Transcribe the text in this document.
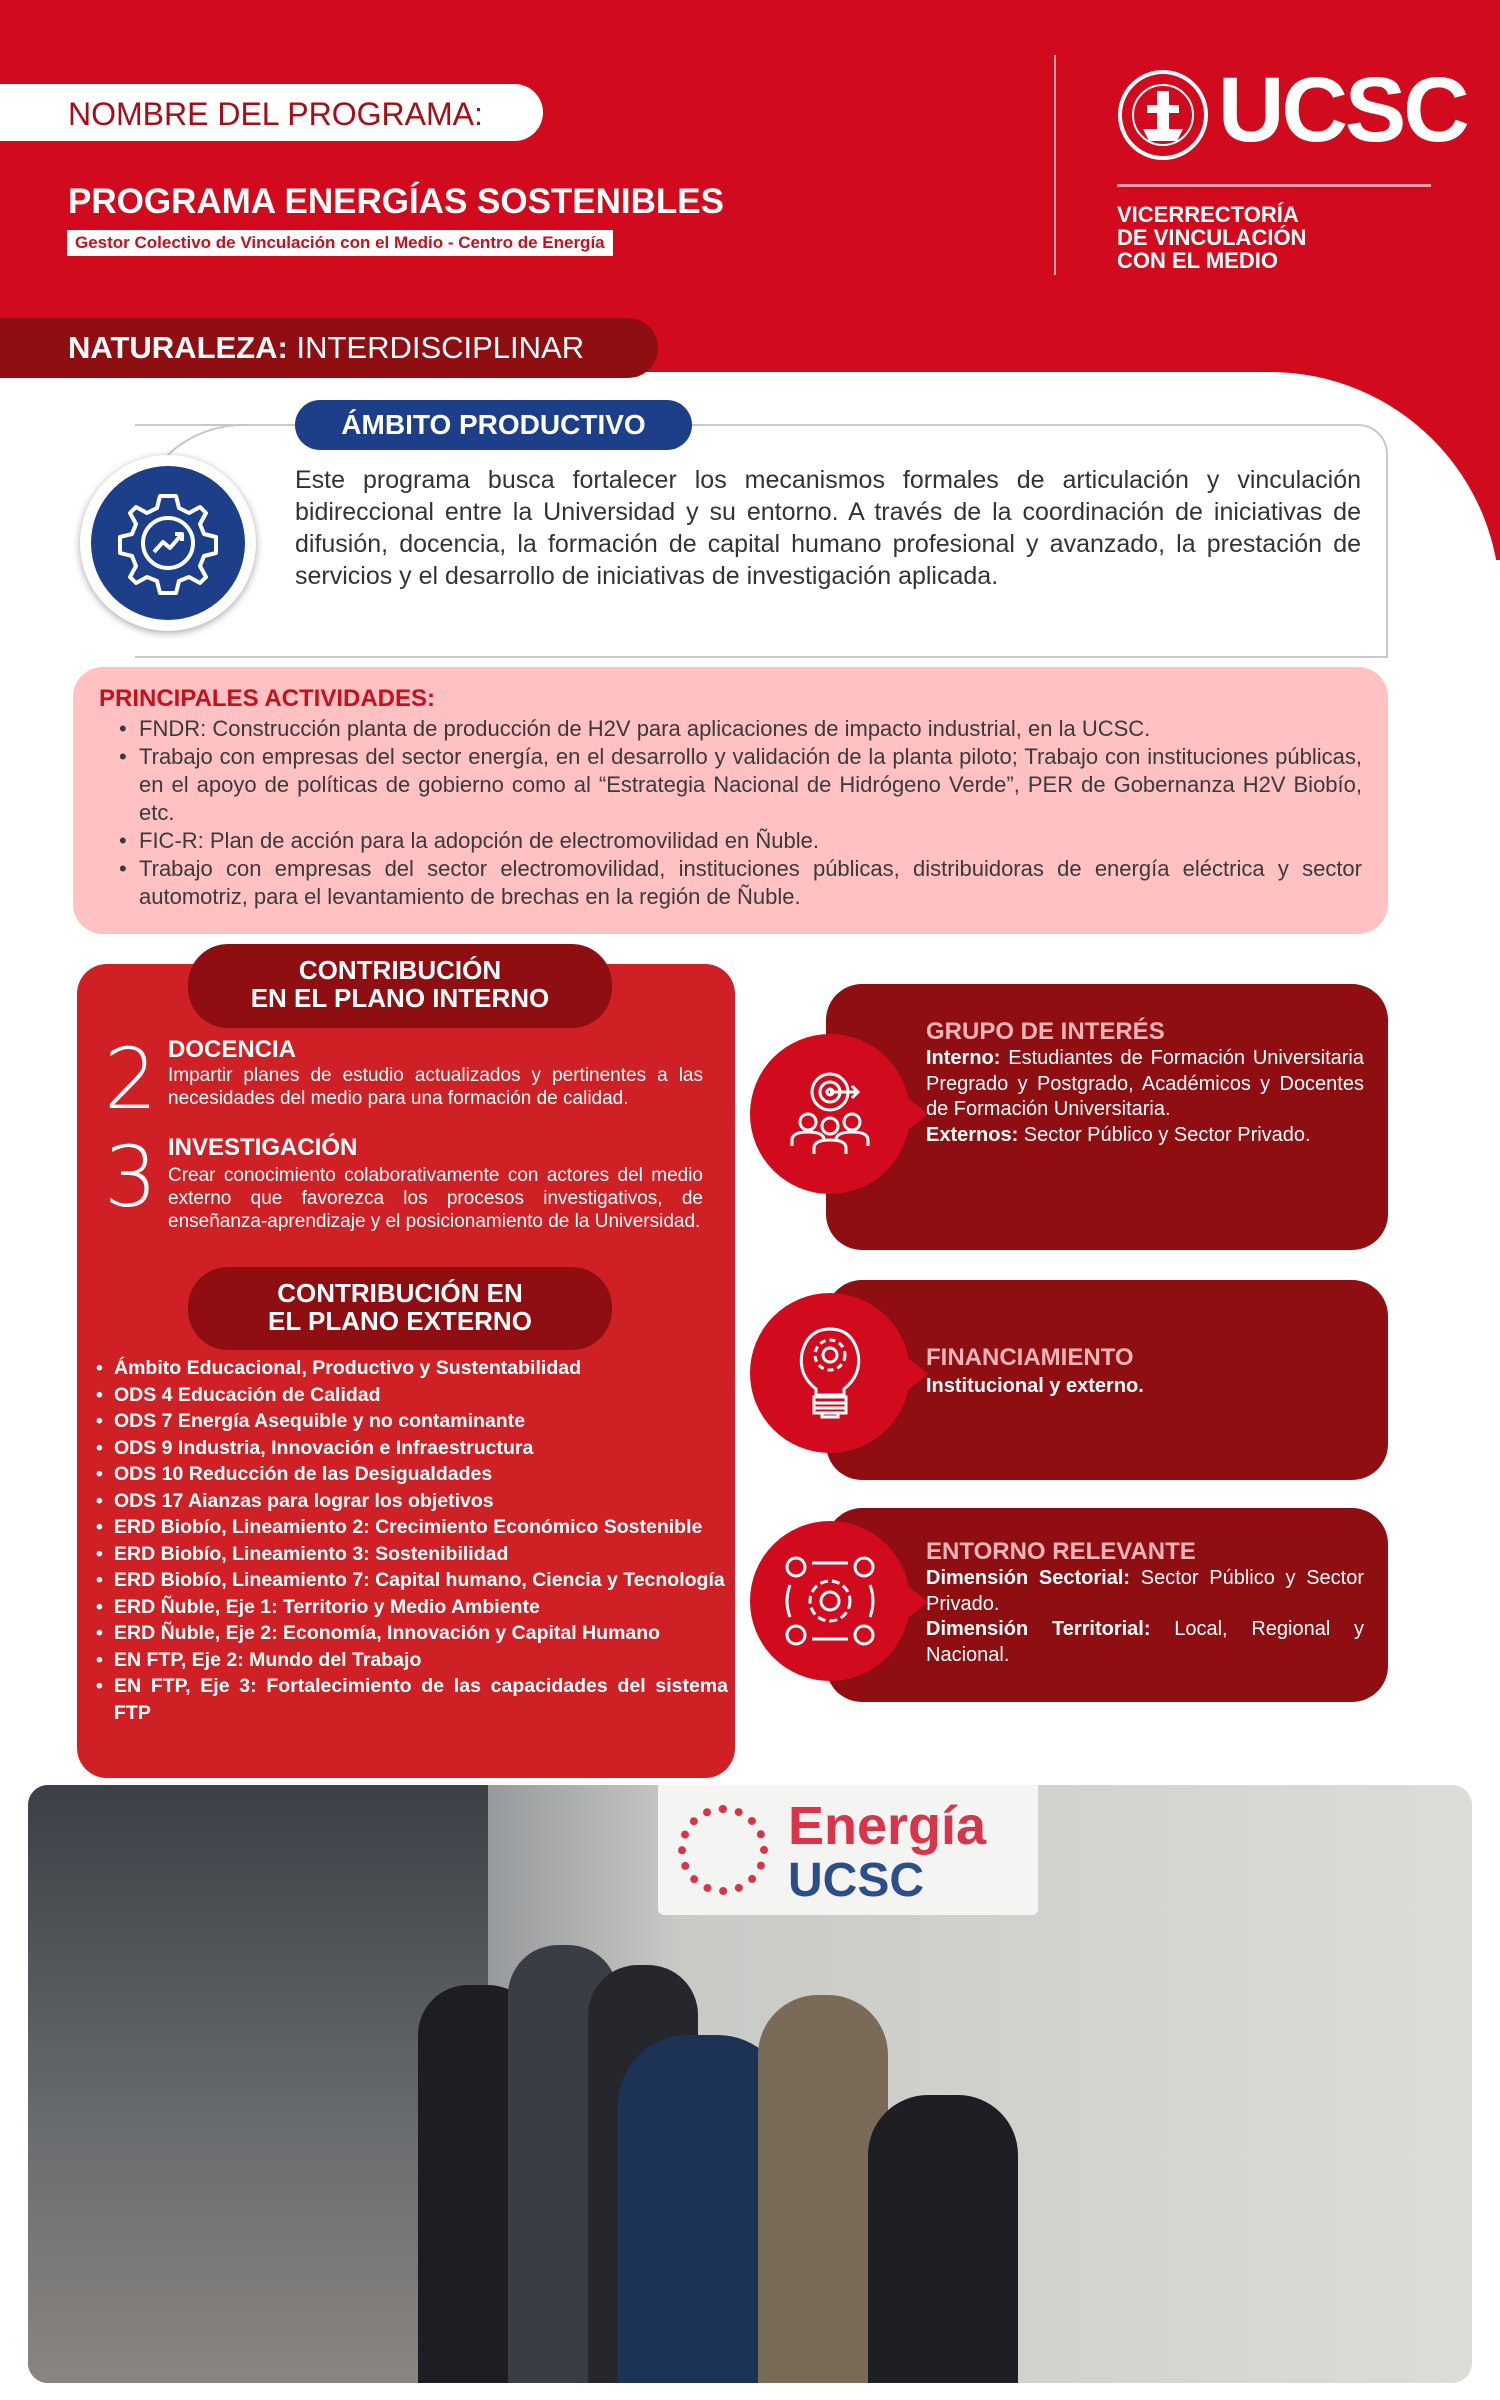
NOMBRE DEL PROGRAMA:
PROGRAMA ENERGÍAS SOSTENIBLES
Gestor Colectivo de Vinculación con el Medio - Centro de Energía
UCSC
VICERRECTORÍA
DE VINCULACIÓN
CON EL MEDIO
NATURALEZA: INTERDISCIPLINAR
ÁMBITO PRODUCTIVO
Este programa busca fortalecer los mecanismos formales de articulación y vinculación bidireccional entre la Universidad y su entorno. A través de la coordinación de iniciativas de difusión, docencia, la formación de capital humano profesional y avanzado, la prestación de servicios y el desarrollo de iniciativas de investigación aplicada.
PRINCIPALES ACTIVIDADES:
• FNDR: Construcción planta de producción de H2V para aplicaciones de impacto industrial, en la UCSC.
• Trabajo con empresas del sector energía, en el desarrollo y validación de la planta piloto; Trabajo con instituciones públicas, en el apoyo de políticas de gobierno como al “Estrategia Nacional de Hidrógeno Verde”, PER de Gobernanza H2V Biobío, etc.
• FIC-R: Plan de acción para la adopción de electromovilidad en Ñuble.
• Trabajo con empresas del sector electromovilidad, instituciones públicas, distribuidoras de energía eléctrica y sector automotriz, para el levantamiento de brechas en la región de Ñuble.
CONTRIBUCIÓN
EN EL PLANO INTERNO
2 DOCENCIA
Impartir planes de estudio actualizados y pertinentes a las necesidades del medio para una formación de calidad.
3 INVESTIGACIÓN
Crear conocimiento colaborativamente con actores del medio externo que favorezca los procesos investigativos, de enseñanza-aprendizaje y el posicionamiento de la Universidad.
CONTRIBUCIÓN EN
EL PLANO EXTERNO
• Ámbito Educacional, Productivo y Sustentabilidad
• ODS 4 Educación de Calidad
• ODS 7 Energía Asequible y no contaminante
• ODS 9 Industria, Innovación e Infraestructura
• ODS 10 Reducción de las Desigualdades
• ODS 17 Aianzas para lograr los objetivos
• ERD Biobío, Lineamiento 2: Crecimiento Económico Sostenible
• ERD Biobío, Lineamiento 3: Sostenibilidad
• ERD Biobío, Lineamiento 7: Capital humano, Ciencia y Tecnología
• ERD Ñuble, Eje 1: Territorio y Medio Ambiente
• ERD Ñuble, Eje 2: Economía, Innovación y Capital Humano
• EN FTP, Eje 2: Mundo del Trabajo
• EN FTP, Eje 3: Fortalecimiento de las capacidades del sistema FTP
GRUPO DE INTERÉS
Interno: Estudiantes de Formación Universitaria Pregrado y Postgrado, Académicos y Docentes de Formación Universitaria.
Externos: Sector Público y Sector Privado.
FINANCIAMIENTO
Institucional y externo.
ENTORNO RELEVANTE
Dimensión Sectorial: Sector Público y Sector Privado.
Dimensión Territorial: Local, Regional y Nacional.
Energía
UCSC
